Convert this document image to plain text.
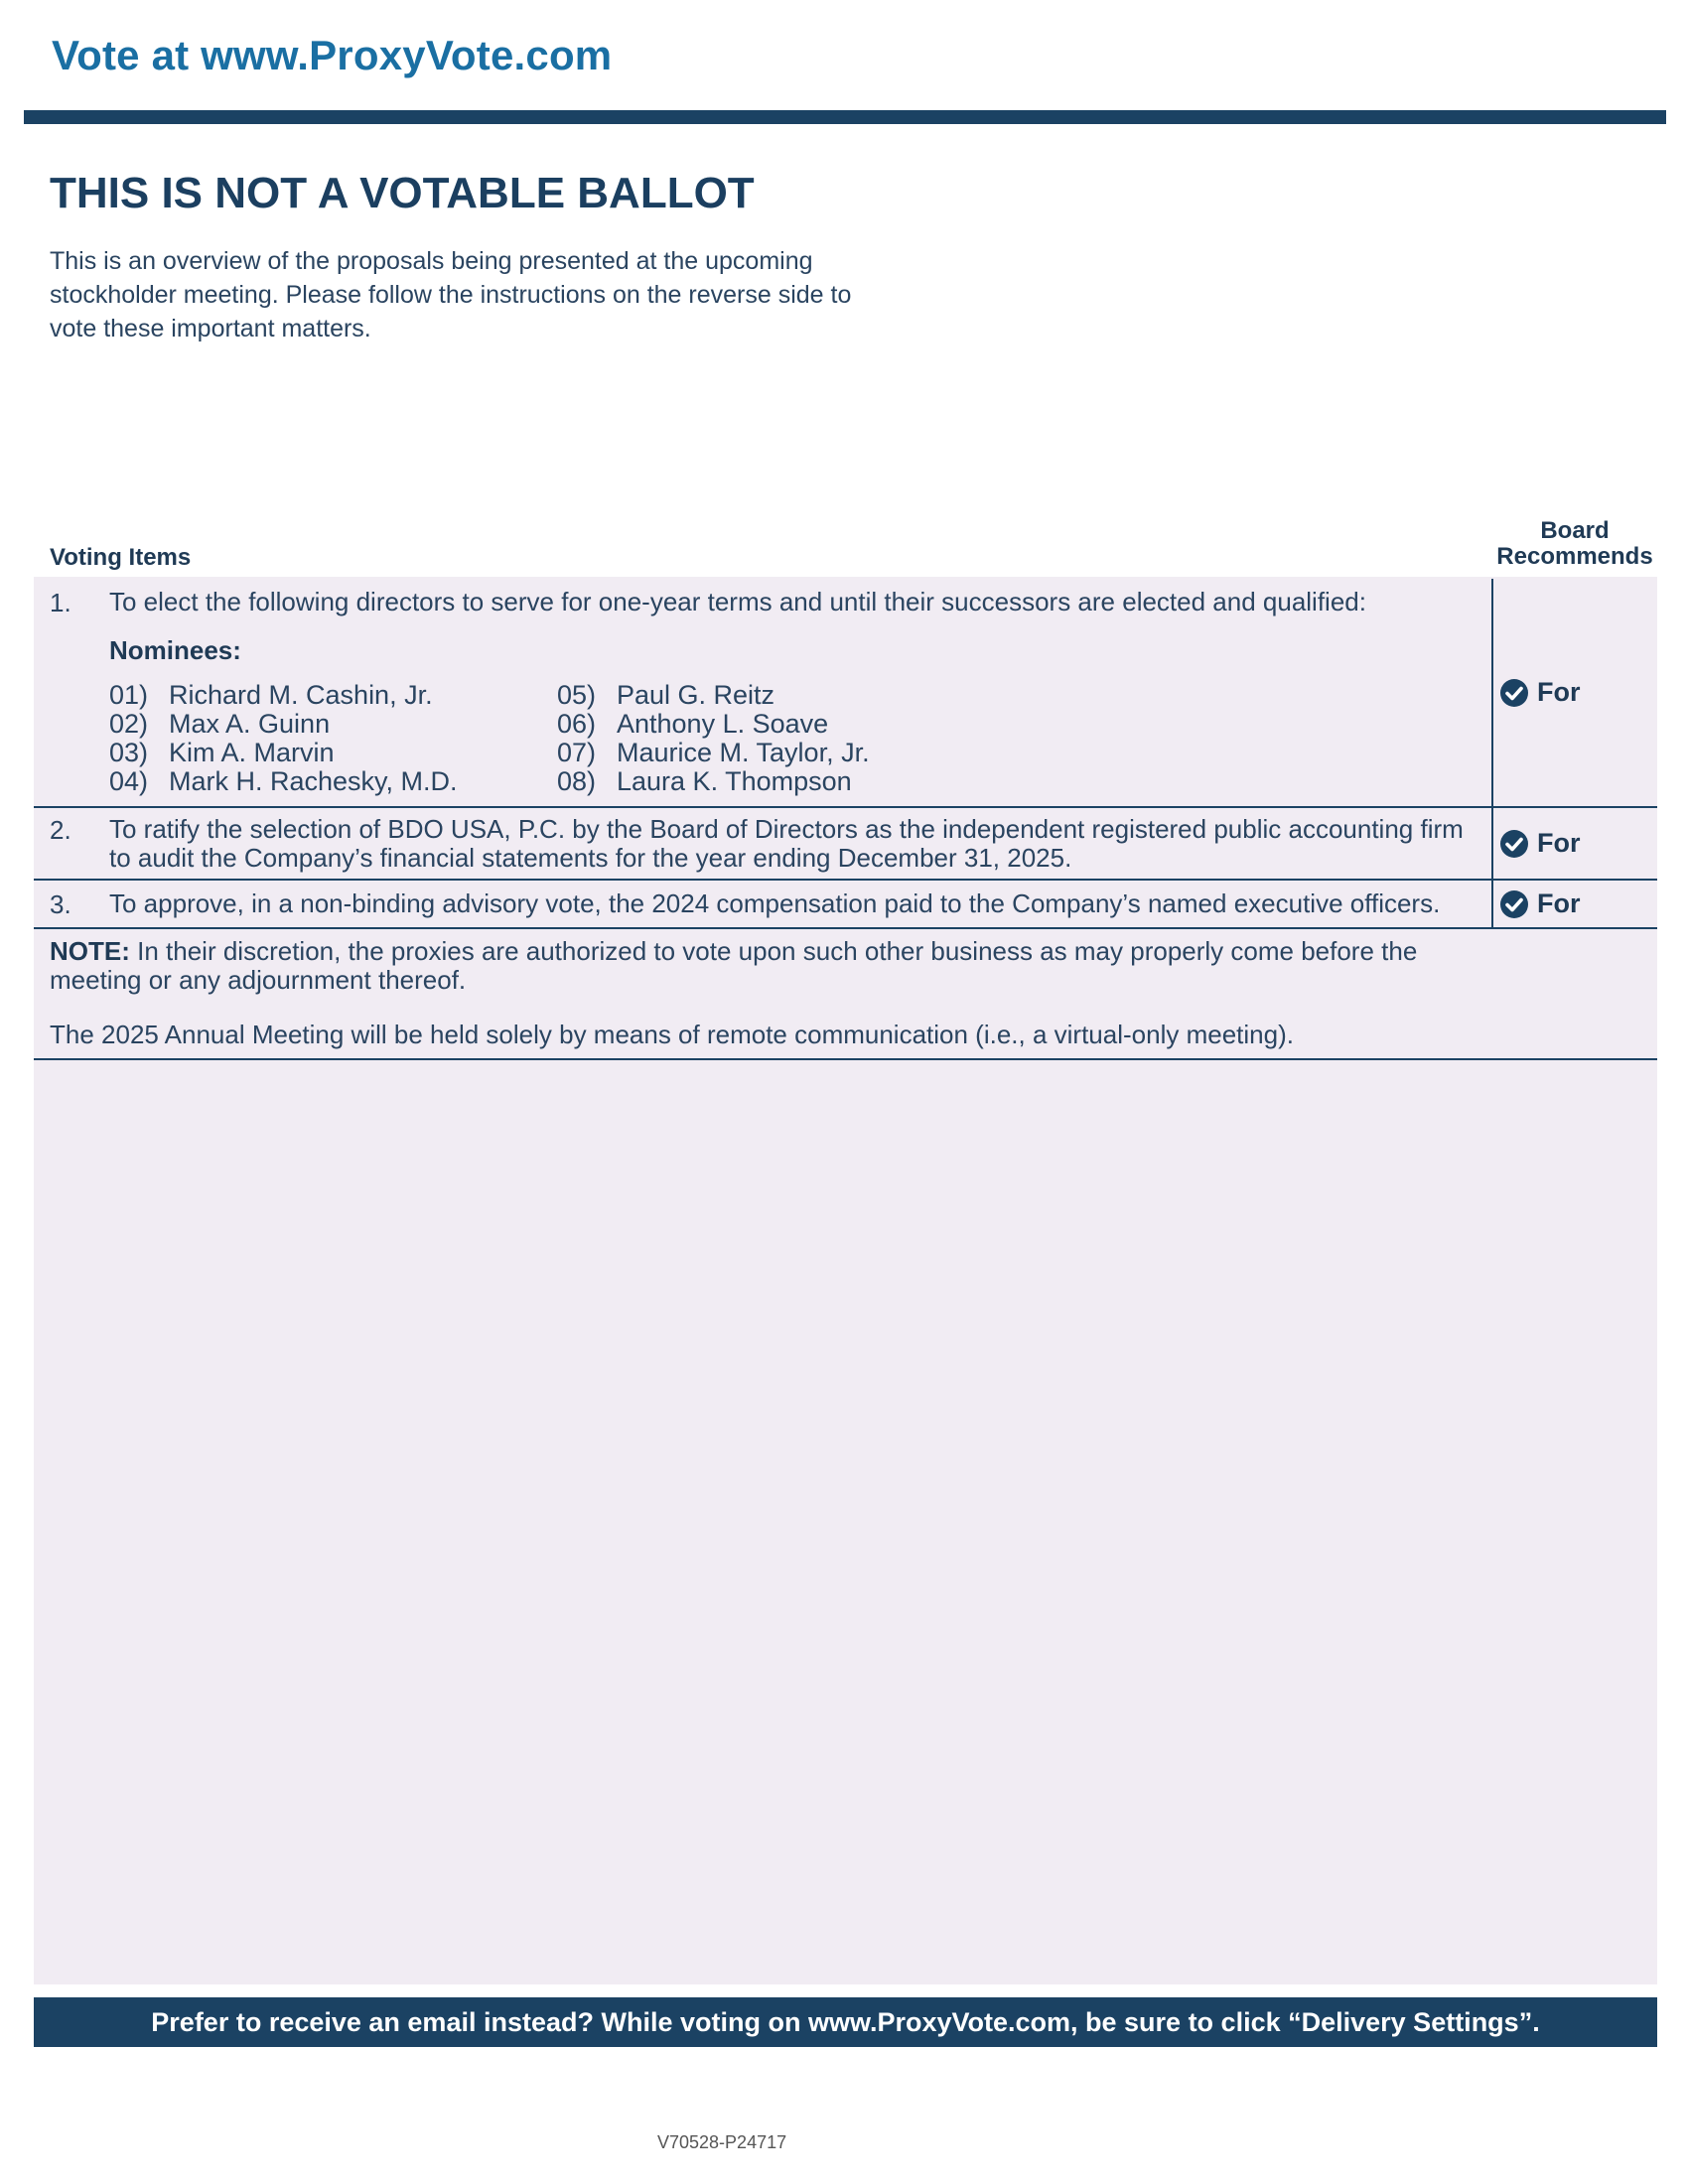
Vote at www.ProxyVote.com
THIS IS NOT A VOTABLE BALLOT
This is an overview of the proposals being presented at the upcoming stockholder meeting. Please follow the instructions on the reverse side to vote these important matters.
Voting Items
Board Recommends
1. To elect the following directors to serve for one-year terms and until their successors are elected and qualified:
Nominees:
01) Richard M. Cashin, Jr.
02) Max A. Guinn
03) Kim A. Marvin
04) Mark H. Rachesky, M.D.
05) Paul G. Reitz
06) Anthony L. Soave
07) Maurice M. Taylor, Jr.
08) Laura K. Thompson
For
2. To ratify the selection of BDO USA, P.C. by the Board of Directors as the independent registered public accounting firm to audit the Company’s financial statements for the year ending December 31, 2025.	For
3. To approve, in a non-binding advisory vote, the 2024 compensation paid to the Company’s named executive officers.	For
NOTE: In their discretion, the proxies are authorized to vote upon such other business as may properly come before the meeting or any adjournment thereof.
The 2025 Annual Meeting will be held solely by means of remote communication (i.e., a virtual-only meeting).
Prefer to receive an email instead? While voting on www.ProxyVote.com, be sure to click “Delivery Settings”.
V70528-P24717
